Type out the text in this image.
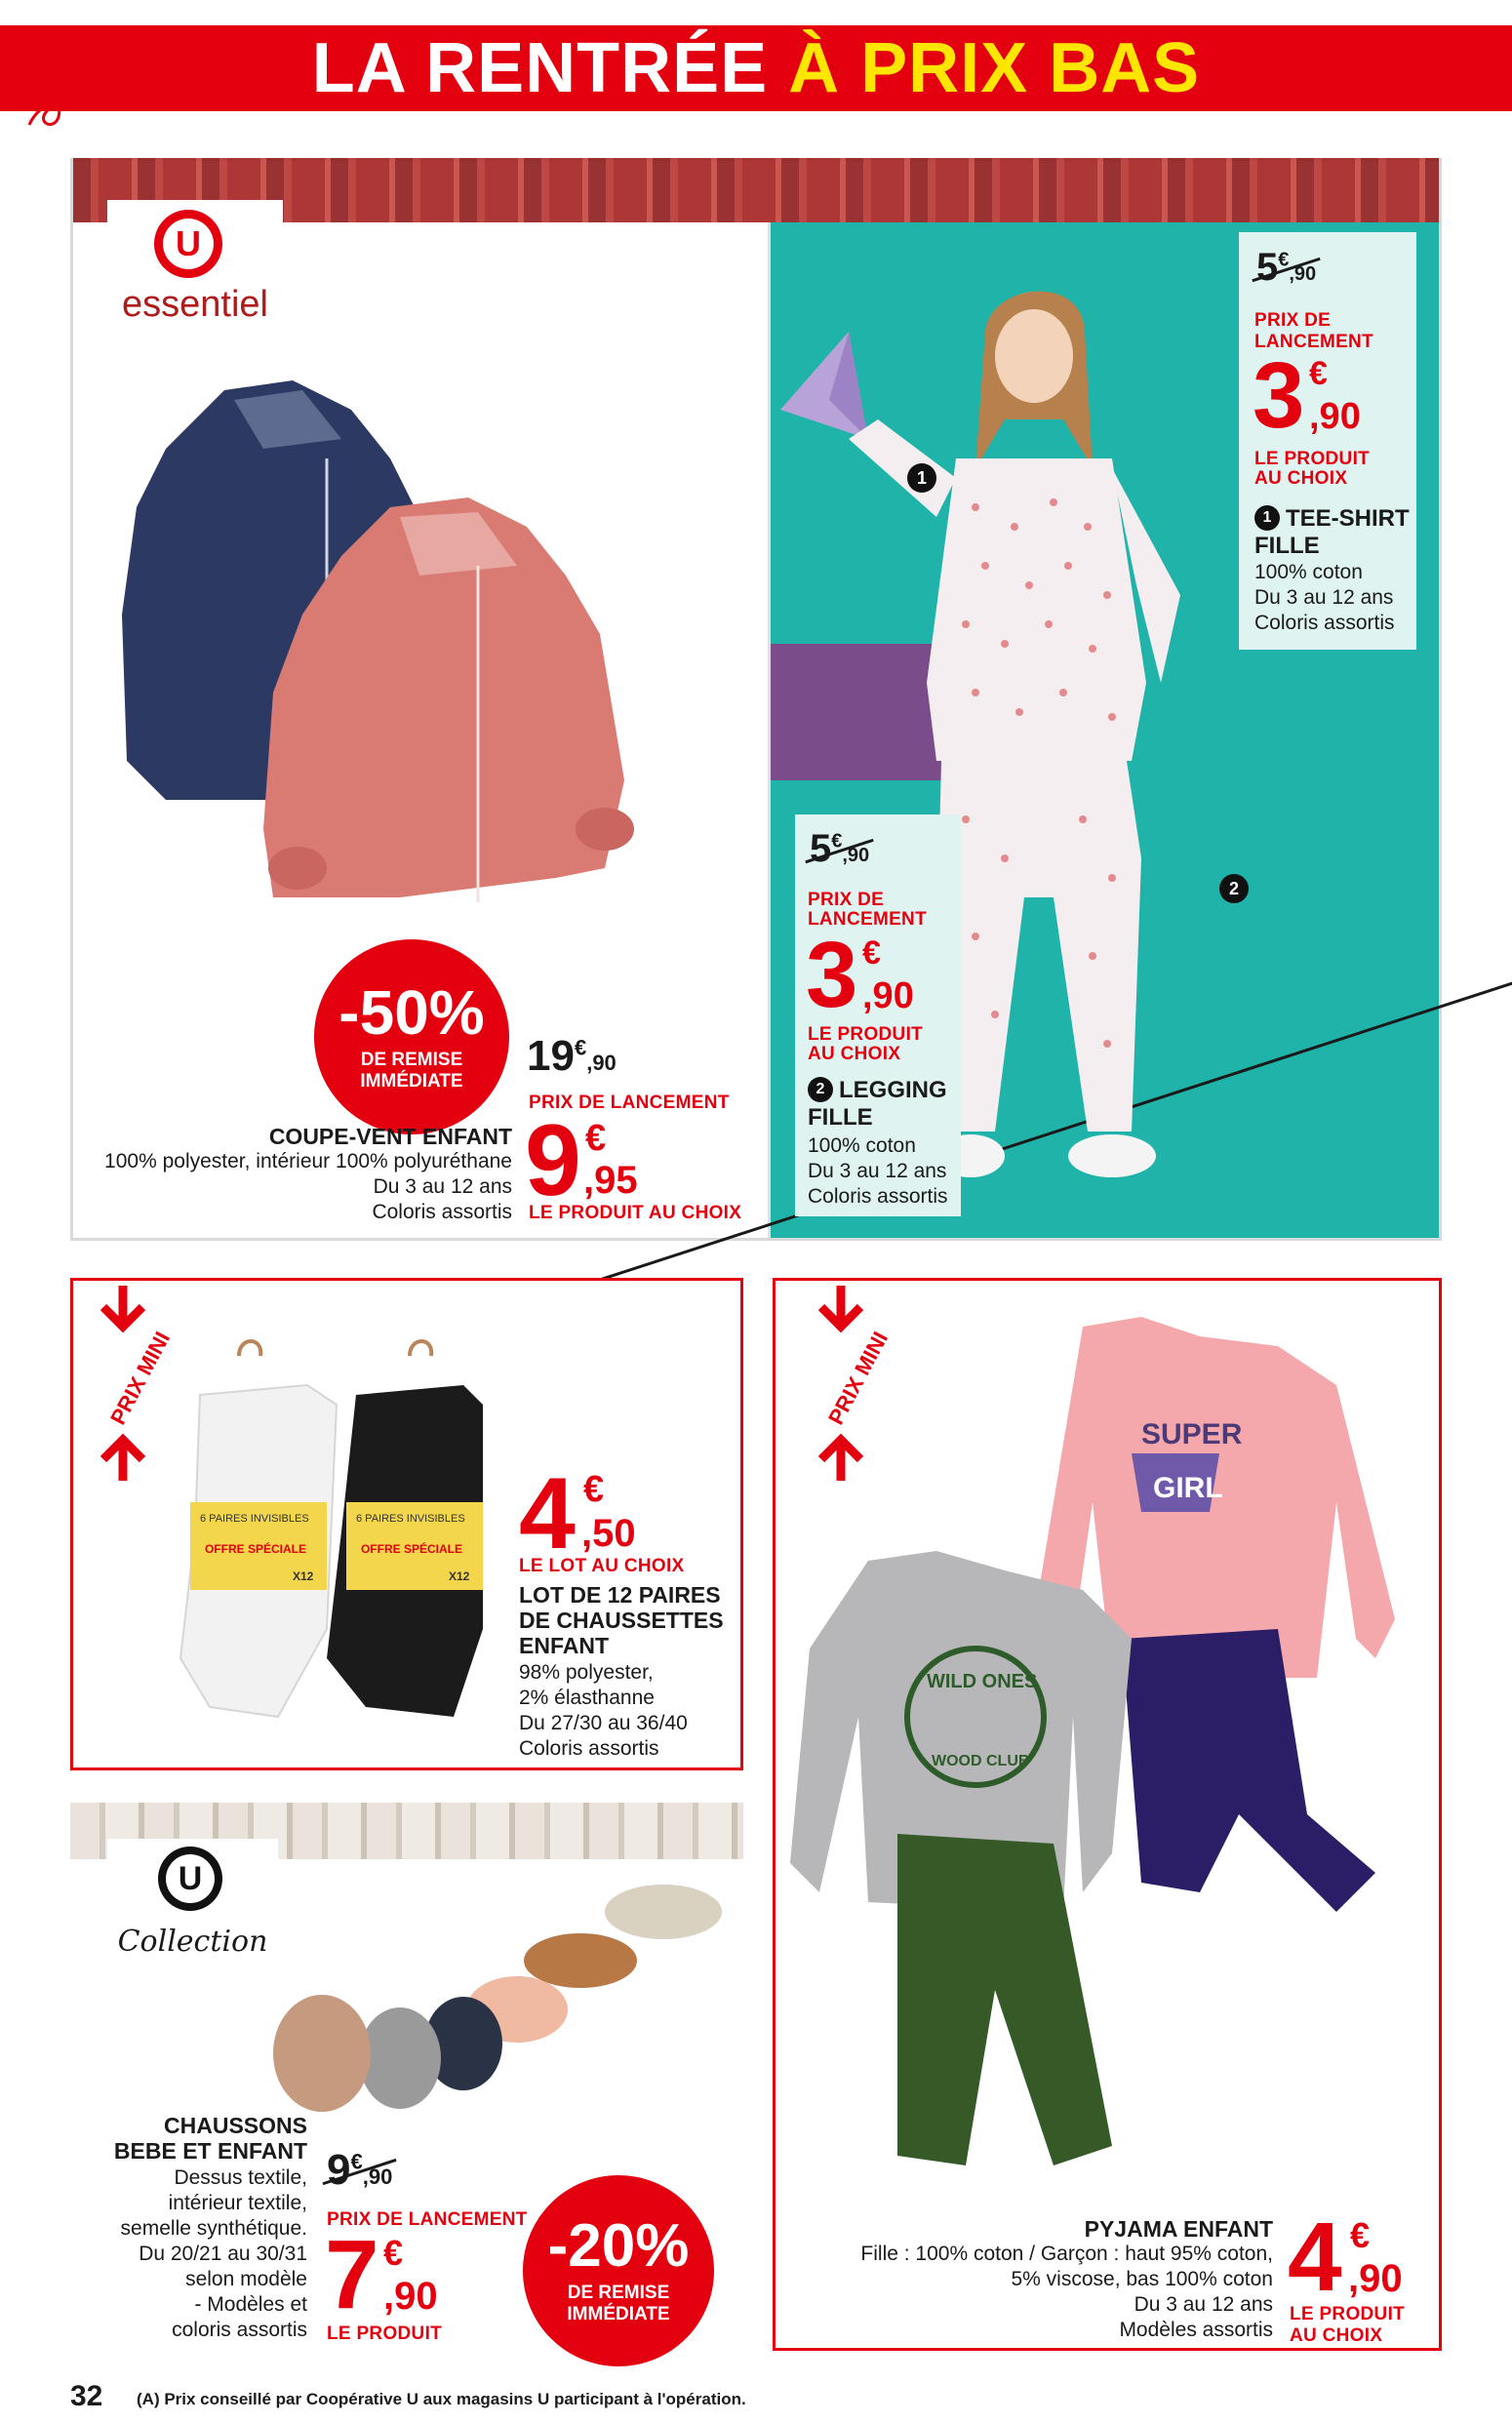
LA RENTRÉE À PRIX BAS
U
essentiel
-50%
DE REMISE
IMMÉDIATE
19€,90
PRIX DE LANCEMENT
COUPE-VENT ENFANT
100% polyester, intérieur 100% polyuréthane
Du 3 au 12 ans
Coloris assortis 9 €
,95
LE PRODUIT AU CHOIX
1
2
5€,90
PRIX DE
LANCEMENT
3 €
,90
LE PRODUIT
AU CHOIX
1 TEE-SHIRT
FILLE
100% coton
Du 3 au 12 ans
Coloris assortis
5€,90
PRIX DE
LANCEMENT
3 €
,90
LE PRODUIT
AU CHOIX
2 LEGGING
FILLE
100% coton
Du 3 au 12 ans
Coloris assortis
PRIX MINI
6 PAIRES INVISIBLES	6 PAIRES INVISIBLES
OFFRE SPÉCIALE	OFFRE SPÉCIALE
X12	X12
4 €
,50
LE LOT AU CHOIX
LOT DE 12 PAIRES
DE CHAUSSETTES
ENFANT
98% polyester,
2% élasthanne
Du 27/30 au 36/40
Coloris assortis
U
Collection
CHAUSSONS
BEBE ET ENFANT
Dessus textile,
intérieur textile,
semelle synthétique.
Du 20/21 au 30/31
selon modèle
- Modèles et
coloris assortis
9€,90
PRIX DE LANCEMENT
7 €
,90
LE PRODUIT
-20%
DE REMISE
IMMÉDIATE
PRIX MINI
SUPER
GIRL
WILD ONES
WOOD CLUB
PYJAMA ENFANT
Fille : 100% coton / Garçon : haut 95% coton,
5% viscose, bas 100% coton
Du 3 au 12 ans
Modèles assortis
4 €
,90
LE PRODUIT
AU CHOIX
32 (A) Prix conseillé par Coopérative U aux magasins U participant à l'opération.
